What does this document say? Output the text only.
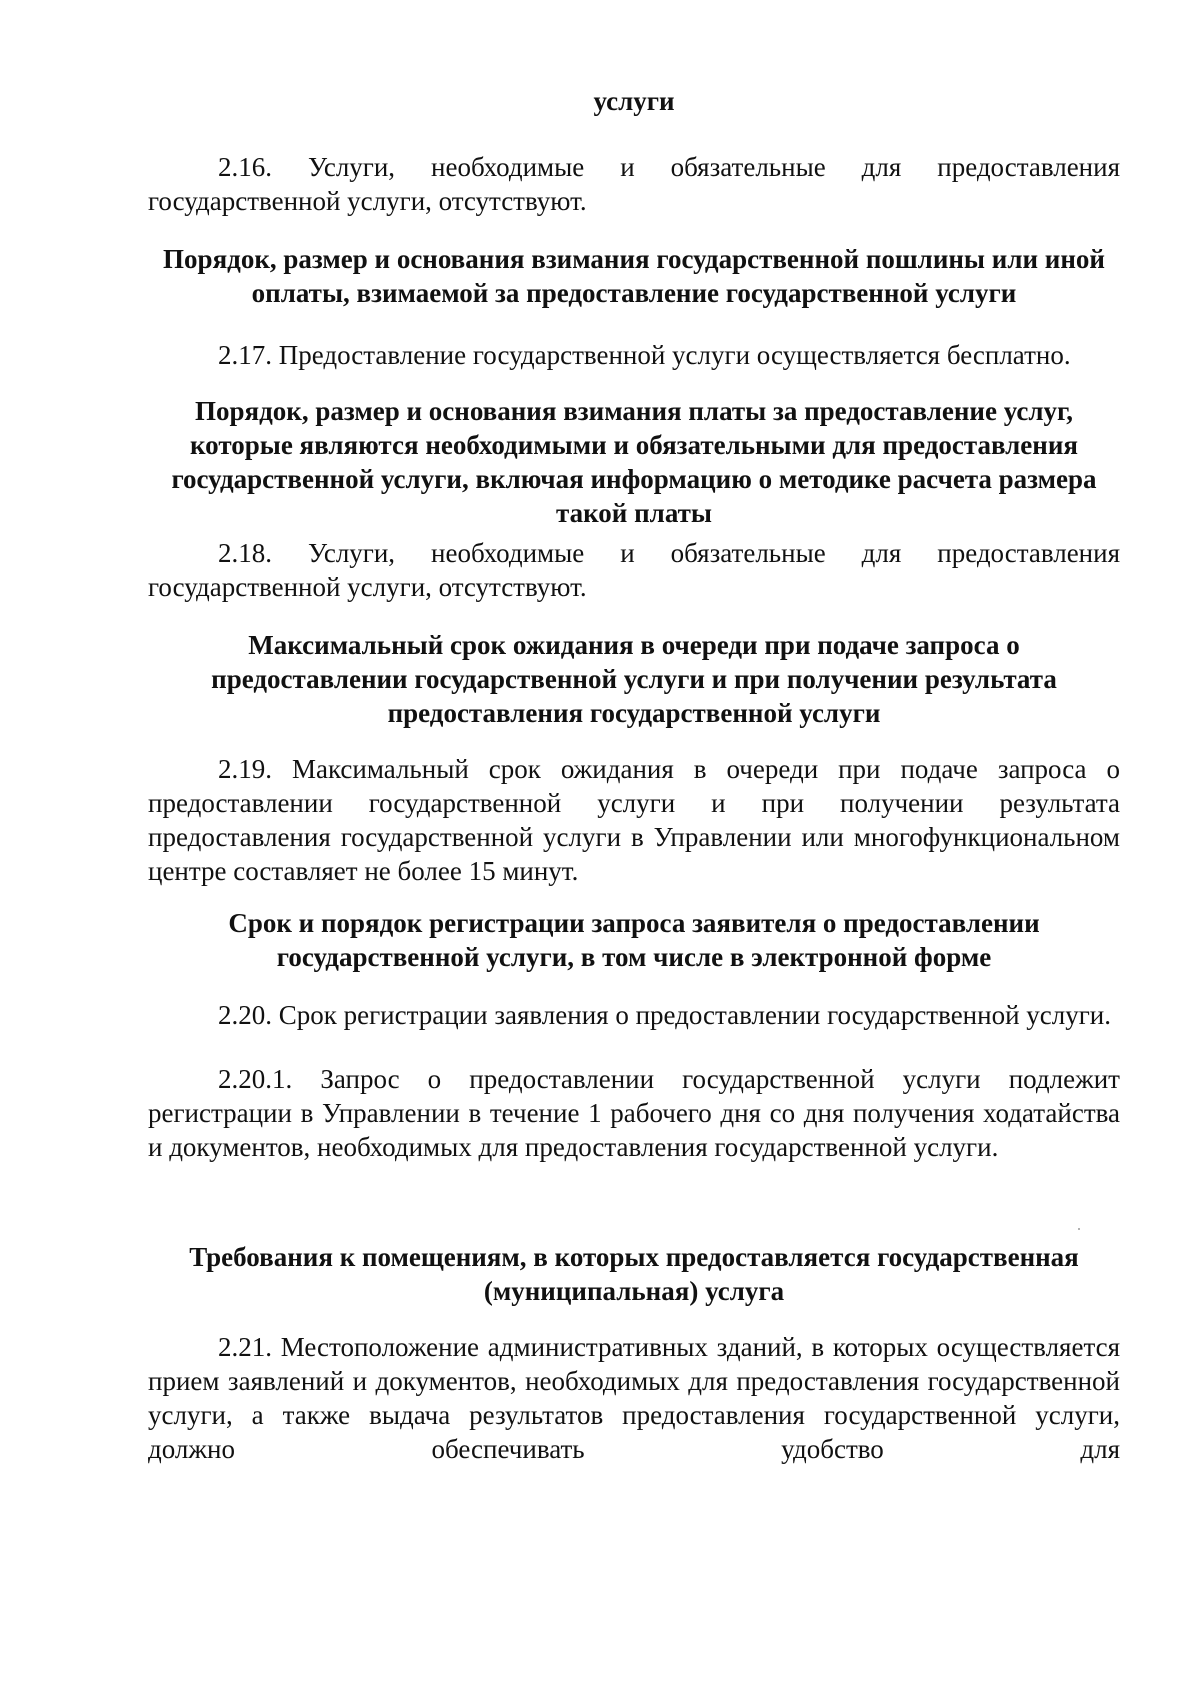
услуги

2.16. Услуги, необходимые и обязательные для предоставления государственной услуги, отсутствуют.

Порядок, размер и основания взимания государственной пошлины или иной оплаты, взимаемой за предоставление государственной услуги

2.17. Предоставление государственной услуги осуществляется бесплатно.

Порядок, размер и основания взимания платы за предоставление услуг, которые являются необходимыми и обязательными для предоставления государственной услуги, включая информацию о методике расчета размера такой платы

2.18. Услуги, необходимые и обязательные для предоставления государственной услуги, отсутствуют.

Максимальный срок ожидания в очереди при подаче запроса о предоставлении государственной услуги и при получении результата предоставления государственной услуги

2.19. Максимальный срок ожидания в очереди при подаче запроса о предоставлении государственной услуги и при получении результата предоставления государственной услуги в Управлении или многофункциональном центре составляет не более 15 минут.

Срок и порядок регистрации запроса заявителя о предоставлении государственной услуги, в том числе в электронной форме

2.20. Срок регистрации заявления о предоставлении государственной услуги.

2.20.1. Запрос о предоставлении государственной услуги подлежит регистрации в Управлении в течение 1 рабочего дня со дня получения ходатайства и документов, необходимых для предоставления государственной услуги.

Требования к помещениям, в которых предоставляется государственная (муниципальная) услуга

2.21. Местоположение административных зданий, в которых осуществляется прием заявлений и документов, необходимых для предоставления государственной услуги, а также выдача результатов предоставления государственной услуги, должно обеспечивать удобство для
